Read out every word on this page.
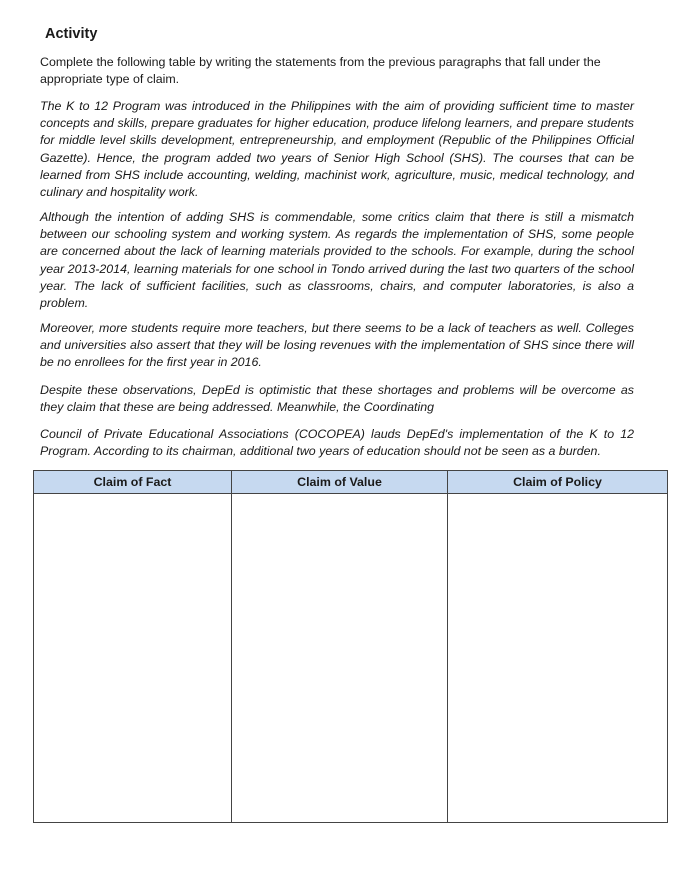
Activity

Complete the following table by writing the statements from the previous paragraphs that fall under the appropriate type of claim.

The K to 12 Program was introduced in the Philippines with the aim of providing sufficient time to master concepts and skills, prepare graduates for higher education, produce lifelong learners, and prepare students for middle level skills development, entrepreneurship, and employment (Republic of the Philippines Official Gazette). Hence, the program added two years of Senior High School (SHS). The courses that can be learned from SHS include accounting, welding, machinist work, agriculture, music, medical technology, and culinary and hospitality work.

Although the intention of adding SHS is commendable, some critics claim that there is still a mismatch between our schooling system and working system. As regards the implementation of SHS, some people are concerned about the lack of learning materials provided to the schools. For example, during the school year 2013-2014, learning materials for one school in Tondo arrived during the last two quarters of the school year. The lack of sufficient facilities, such as classrooms, chairs, and computer laboratories, is also a problem.

Moreover, more students require more teachers, but there seems to be a lack of teachers as well. Colleges and universities also assert that they will be losing revenues with the implementation of SHS since there will be no enrollees for the first year in 2016.

Despite these observations, DepEd is optimistic that these shortages and problems will be overcome as they claim that these are being addressed. Meanwhile, the Coordinating

Council of Private Educational Associations (COCOPEA) lauds DepEd's implementation of the K to 12 Program. According to its chairman, additional two years of education should not be seen as a burden.

Claim of Fact	Claim of Value	Claim of Policy
